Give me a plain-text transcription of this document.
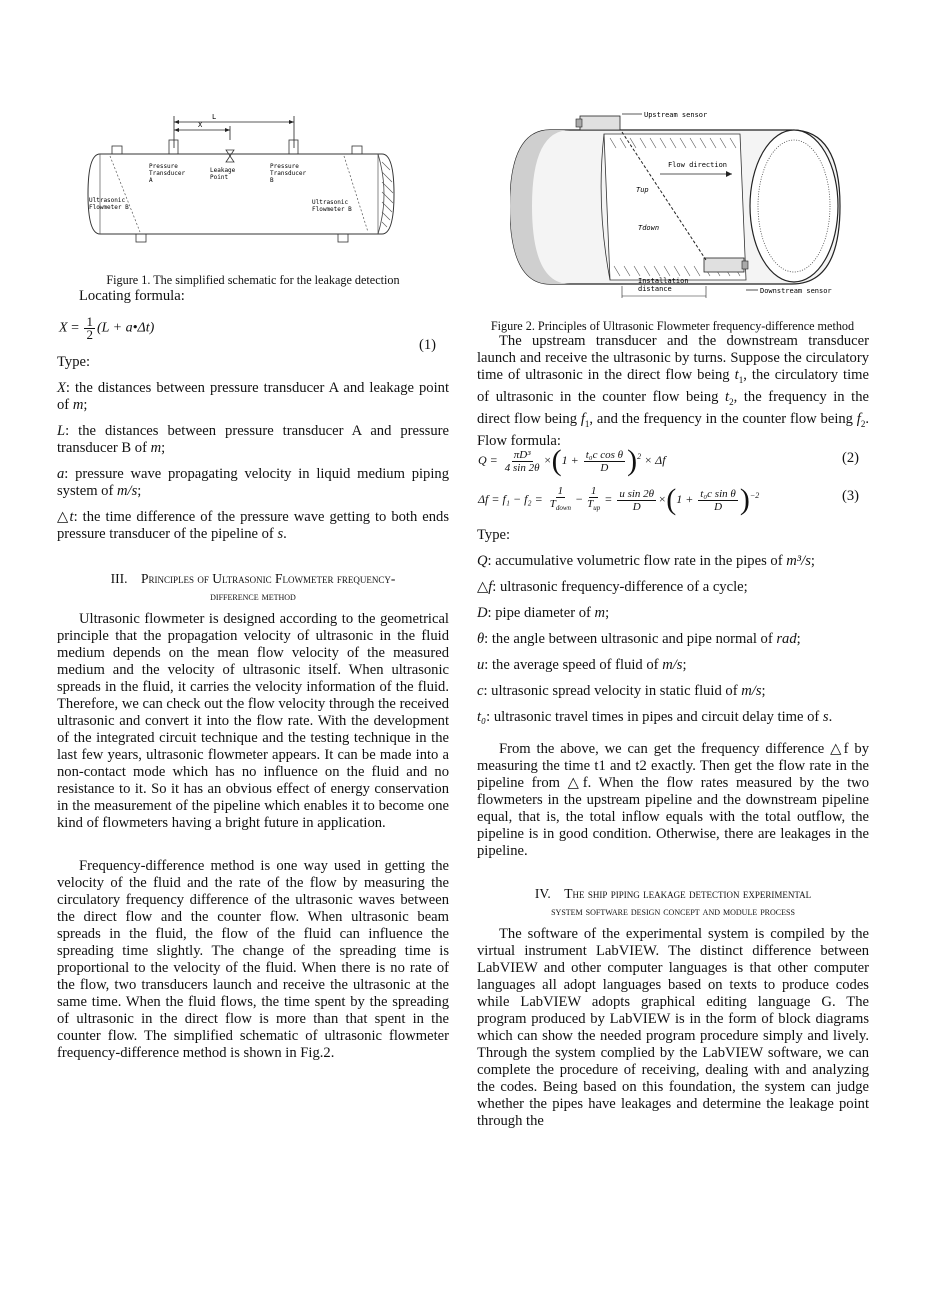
L
X
Pressure Transducer A
Leakage Point
Pressure Transducer B
Ultrasonic Flowmeter B
Ultrasonic Flowmeter B
Figure 1. The simplified schematic for the leakage detection

Locating formula:

$X = \frac{1}{2} (L$ + a•Δt)
(1)

Type:

X: the distances between pressure transducer A and leakage point of m;

L: the distances between pressure transducer A and pressure transducer B of m;

a: pressure wave propagating velocity in liquid medium piping system of m/s;

△t: the time difference of the pressure wave getting to both ends pressure transducer of the pipeline of s.

III. Principles of Ultrasonic Flowmeter frequency-
difference method

Ultrasonic flowmeter is designed according to the geometrical principle that the propagation velocity of ultrasonic in the fluid medium depends on the mean flow velocity of the measured medium and the velocity of ultrasonic itself. When ultrasonic spreads in the fluid, it carries the velocity information of the fluid. Therefore, we can check out the flow velocity through the received ultrasonic and convert it into the flow rate. With the development of the integrated circuit technique and the testing technique in the last few years, ultrasonic flowmeter appears. It can be made into a non-contact mode which has no influence on the fluid and no resistance to it. So it has an obvious effect of energy conservation in the measurement of the pipeline which enables it to become one kind of flowmeters having a bright future in application.

Frequency-difference method is one way used in getting the velocity of the fluid and the rate of the flow by measuring the circulatory frequency difference of the ultrasonic waves between the direct flow and the counter flow. When ultrasonic beam spreads in the fluid, the flow of the fluid can influence the spreading time slightly. The change of the spreading time is proportional to the velocity of the fluid. When there is no rate of the flow, two transducers launch and receive the ultrasonic at the same time. When the fluid flows, the time spent by the spreading of ultrasonic in the direct flow is more than that spent in the counter flow. The simplified schematic of ultrasonic flowmeter frequency-difference method is shown in Fig.2.

Upstream sensor
Downstream sensor
Flow direction
Tup
Tdown
Installation distance
Figure 2. Principles of Ultrasonic Flowmeter frequency-difference method

The upstream transducer and the downstream transducer launch and receive the ultrasonic by turns. Suppose the circulatory time of ultrasonic in the direct flow being $t_1$, the circulatory time of ultrasonic in the counter flow being $t_2$, the frequency in the direct flow being $f_1$, and the frequency in the counter flow being $f_2$. Flow formula:

$Q = \frac{\text{πD³}}{4 \sin 2\theta} \times(1 + \frac{\text{t₀c cos θ}}{D} )^2 \times \Delta f$	(2)
$\Delta f = f_1 - f_2 = \frac{1}{T_{down}} - \frac{1}{T_{up}} = \frac{\text{u sin 2θ}}{D} \times(1 + \frac{\text{t₀c sin θ}}{D} )^{-2}$	(3)

Type:

Q: accumulative volumetric flow rate in the pipes of m³/s;

△f: ultrasonic frequency-difference of a cycle;

D: pipe diameter of m;

θ: the angle between ultrasonic and pipe normal of rad;

u: the average speed of fluid of m/s;

c: ultrasonic spread velocity in static fluid of m/s;

t₀: ultrasonic travel times in pipes and circuit delay time of s.

From the above, we can get the frequency difference △f by measuring the time t1 and t2 exactly. Then get the flow rate in the pipeline from △f. When the flow rates measured by the two flowmeters in the upstream pipeline and the downstream pipeline equal, that is, the total inflow equals with the total outflow, the pipeline is in good condition. Otherwise, there are leakages in the pipeline.

IV. The ship piping leakage detection experimental
system software design concept and module process

The software of the experimental system is compiled by the virtual instrument LabVIEW. The distinct difference between LabVIEW and other computer languages is that other computer languages all adopt languages based on texts to produce codes while LabVIEW adopts graphical editing language G. The program produced by LabVIEW is in the form of block diagrams which can show the needed program procedure simply and lively. Through the system complied by the LabVIEW software, we can complete the procedure of receiving, dealing with and analyzing the codes. Being based on this foundation, the system can judge whether the pipes have leakages and determine the leakage point through the
